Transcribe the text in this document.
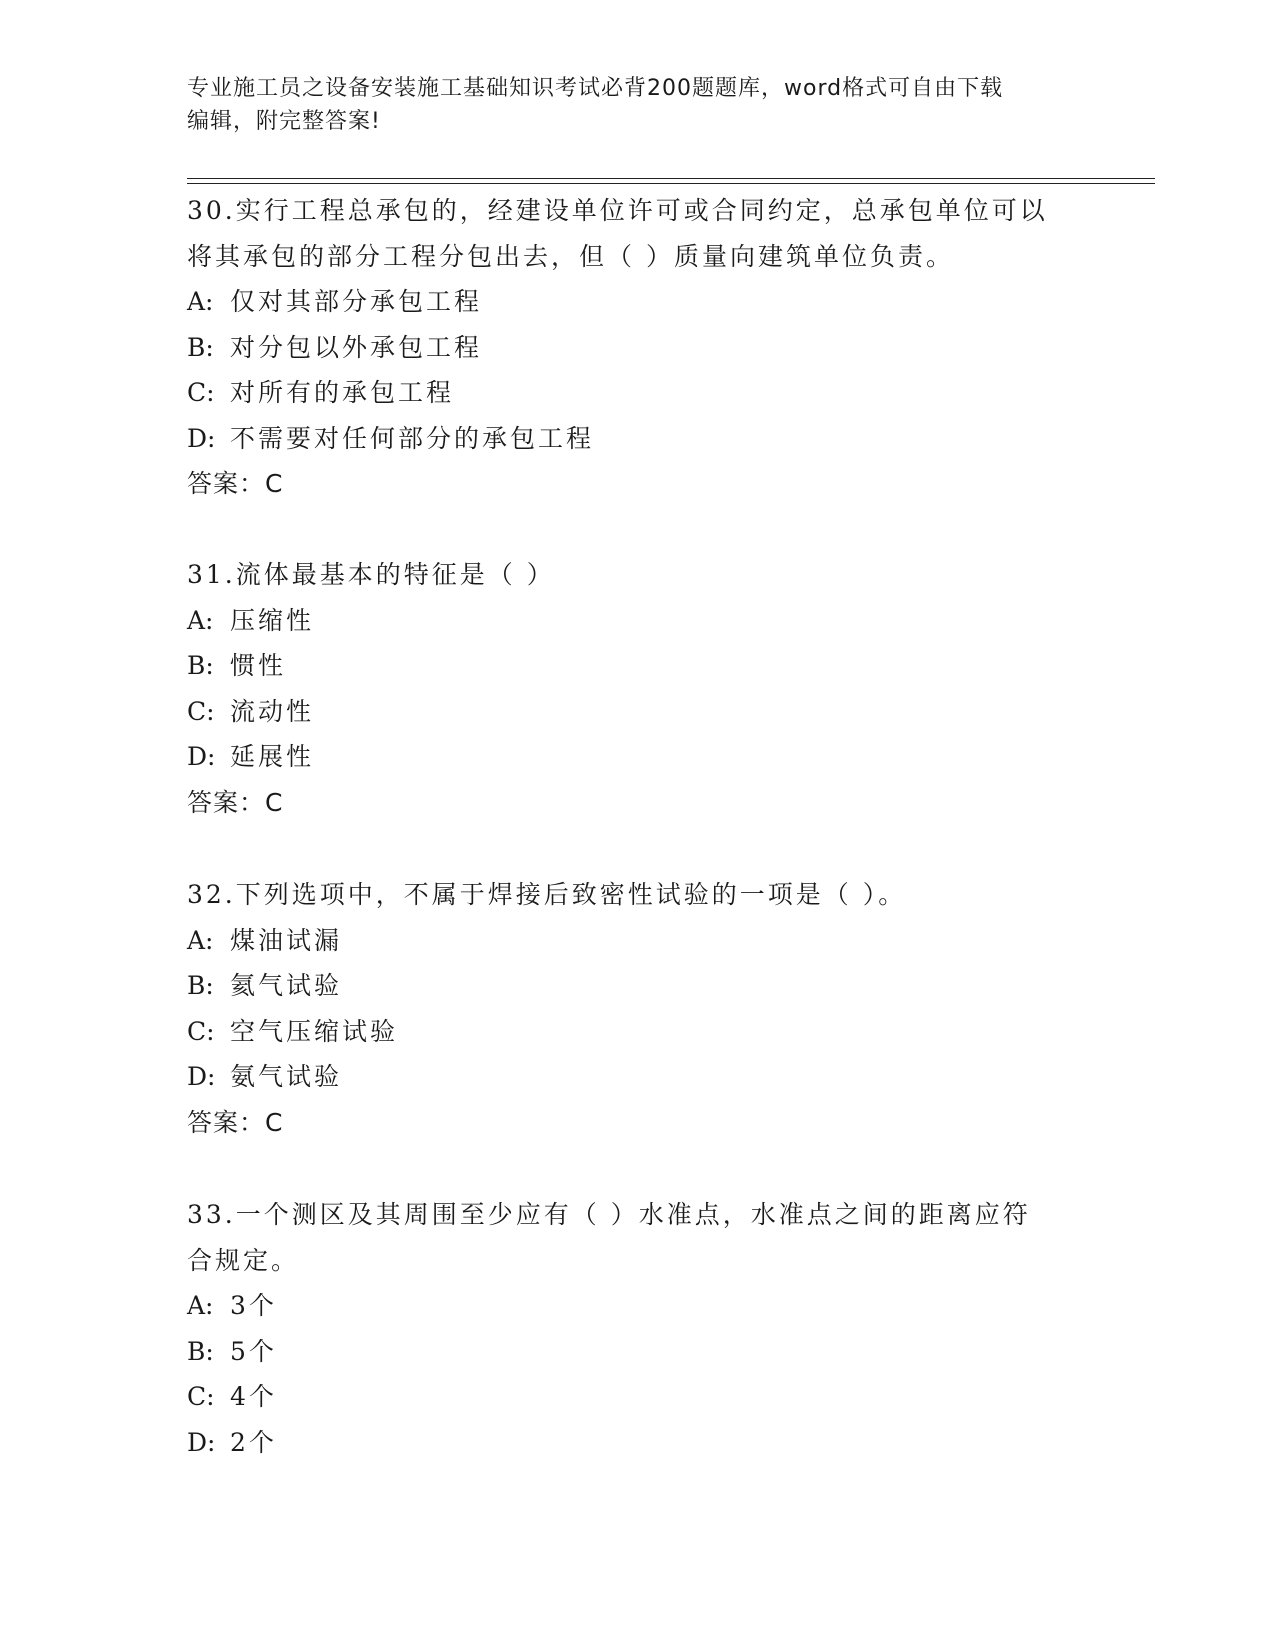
专业施工员之设备安装施工基础知识考试必背200题题库，word格式可自由下载
编辑，附完整答案!
30.实行工程总承包的，经建设单位许可或合同约定，总承包单位可以
将其承包的部分工程分包出去，但（ ）质量向建筑单位负责。
A: 仅对其部分承包工程
B: 对分包以外承包工程
C: 对所有的承包工程
D: 不需要对任何部分的承包工程
答案：C
31.流体最基本的特征是（ ）
A: 压缩性
B: 惯性
C: 流动性
D: 延展性
答案：C
32.下列选项中，不属于焊接后致密性试验的一项是（ ）。
A: 煤油试漏
B: 氦气试验
C: 空气压缩试验
D: 氨气试验
答案：C
33.一个测区及其周围至少应有（ ）水准点，水准点之间的距离应符
合规定。
A: 3个
B: 5个
C: 4个
D: 2个
